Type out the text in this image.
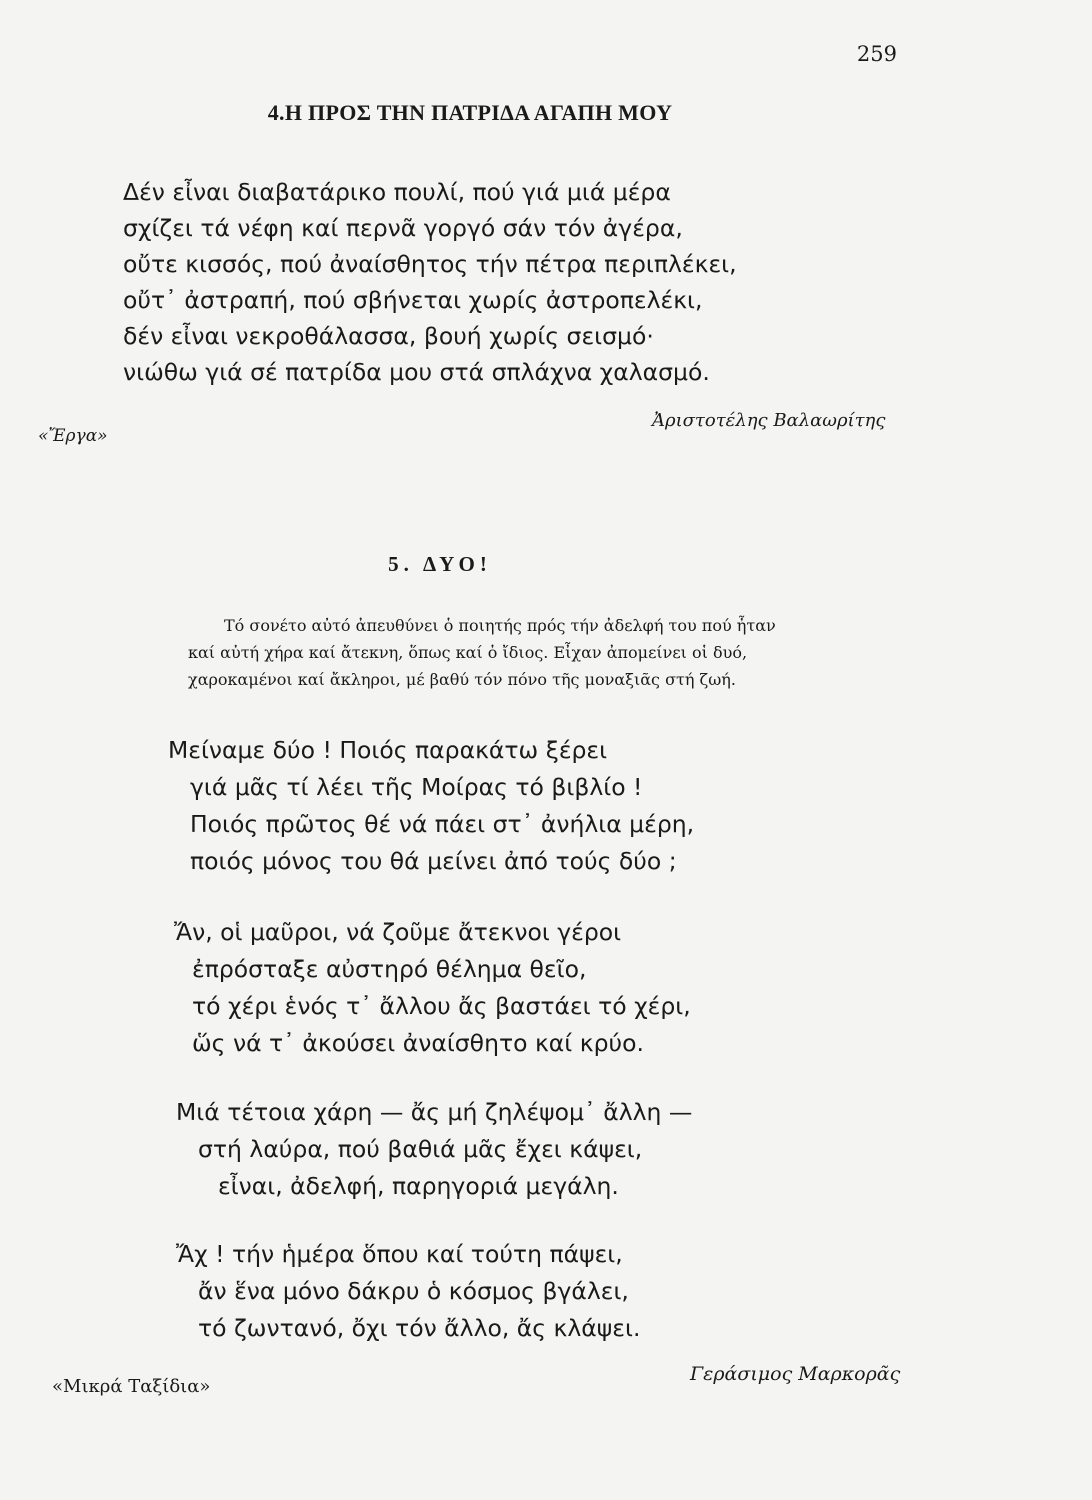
259
4.Η ΠΡΟΣ ΤΗΝ ΠΑΤΡΙΔΑ ΑΓΑΠΗ ΜΟΥ
Δέν εἶναι διαβατάρικο πουλί, πού γιά μιά μέρα
σχίζει τά νέφη καί περνᾶ γοργό σάν τόν ἀγέρα,
οὔτε κισσός, πού ἀναίσθητος τήν πέτρα περιπλέκει,
οὔτ᾽ ἀστραπή, πού σβήνεται χωρίς ἀστροπελέκι,
δέν εἶναι νεκροθάλασσα, βουή χωρίς σεισμό·
νιώθω γιά σέ πατρίδα μου στά σπλάχνα χαλασμό.
«Ἔργα»
Ἀριστοτέλης Βαλαωρίτης
5. ΔΥΟ!
Τό σονέτο αὐτό ἀπευθύνει ὁ ποιητής πρός τήν ἀδελφή του πού ἦταν
καί αὐτή χήρα καί ἄτεκνη, ὅπως καί ὁ ἴδιος. Εἶχαν ἀπομείνει οἱ δυό,
χαροκαμένοι καί ἄκληροι, μέ βαθύ τόν πόνο τῆς μοναξιᾶς στή ζωή.
Μείναμε δύο ! Ποιός παρακάτω ξέρει
γιά μᾶς τί λέει τῆς Μοίρας τό βιβλίο !
Ποιός πρῶτος θέ νά πάει στ᾽ ἀνήλια μέρη,
ποιός μόνος του θά μείνει ἀπό τούς δύο ;
Ἄν, οἱ μαῦροι, νά ζοῦμε ἄτεκνοι γέροι
ἐπρόσταξε αὐστηρό θέλημα θεῖο,
τό χέρι ἑνός τ᾽ ἄλλου ἄς βαστάει τό χέρι,
ὥς νά τ᾽ ἀκούσει ἀναίσθητο καί κρύο.
Μιά τέτοια χάρη — ἄς μή ζηλέψομ᾽ ἄλλη —
στή λαύρα, πού βαθιά μᾶς ἔχει κάψει,
εἶναι, ἀδελφή, παρηγοριά μεγάλη.
Ἄχ ! τήν ἡμέρα ὅπου καί τούτη πάψει,
ἄν ἕνα μόνο δάκρυ ὁ κόσμος βγάλει,
τό ζωντανό, ὄχι τόν ἄλλο, ἄς κλάψει.
«Μικρά Ταξίδια»
Γεράσιμος Μαρκορᾶς
